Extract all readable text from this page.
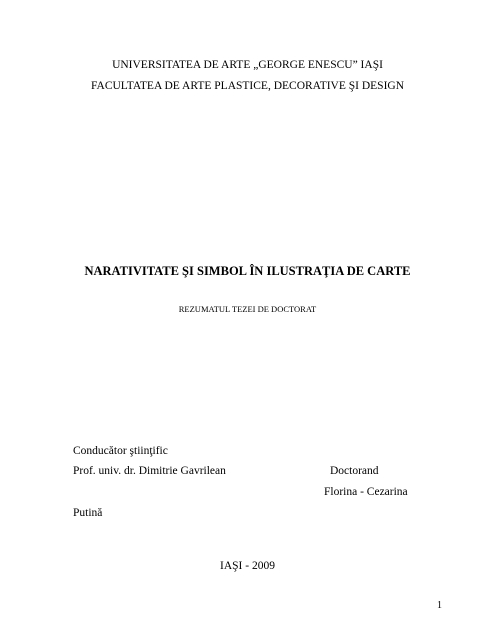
UNIVERSITATEA DE ARTE „GEORGE ENESCU” IAŞI
FACULTATEA DE ARTE PLASTICE, DECORATIVE ŞI DESIGN
NARATIVITATE ŞI SIMBOL ÎN ILUSTRAŢIA DE CARTE
REZUMATUL TEZEI DE DOCTORAT
Conducător ştiinţific
Prof. univ. dr. Dimitrie Gavrilean	Doctorand
Florina - Cezarina
Putină
IAŞI - 2009
1
